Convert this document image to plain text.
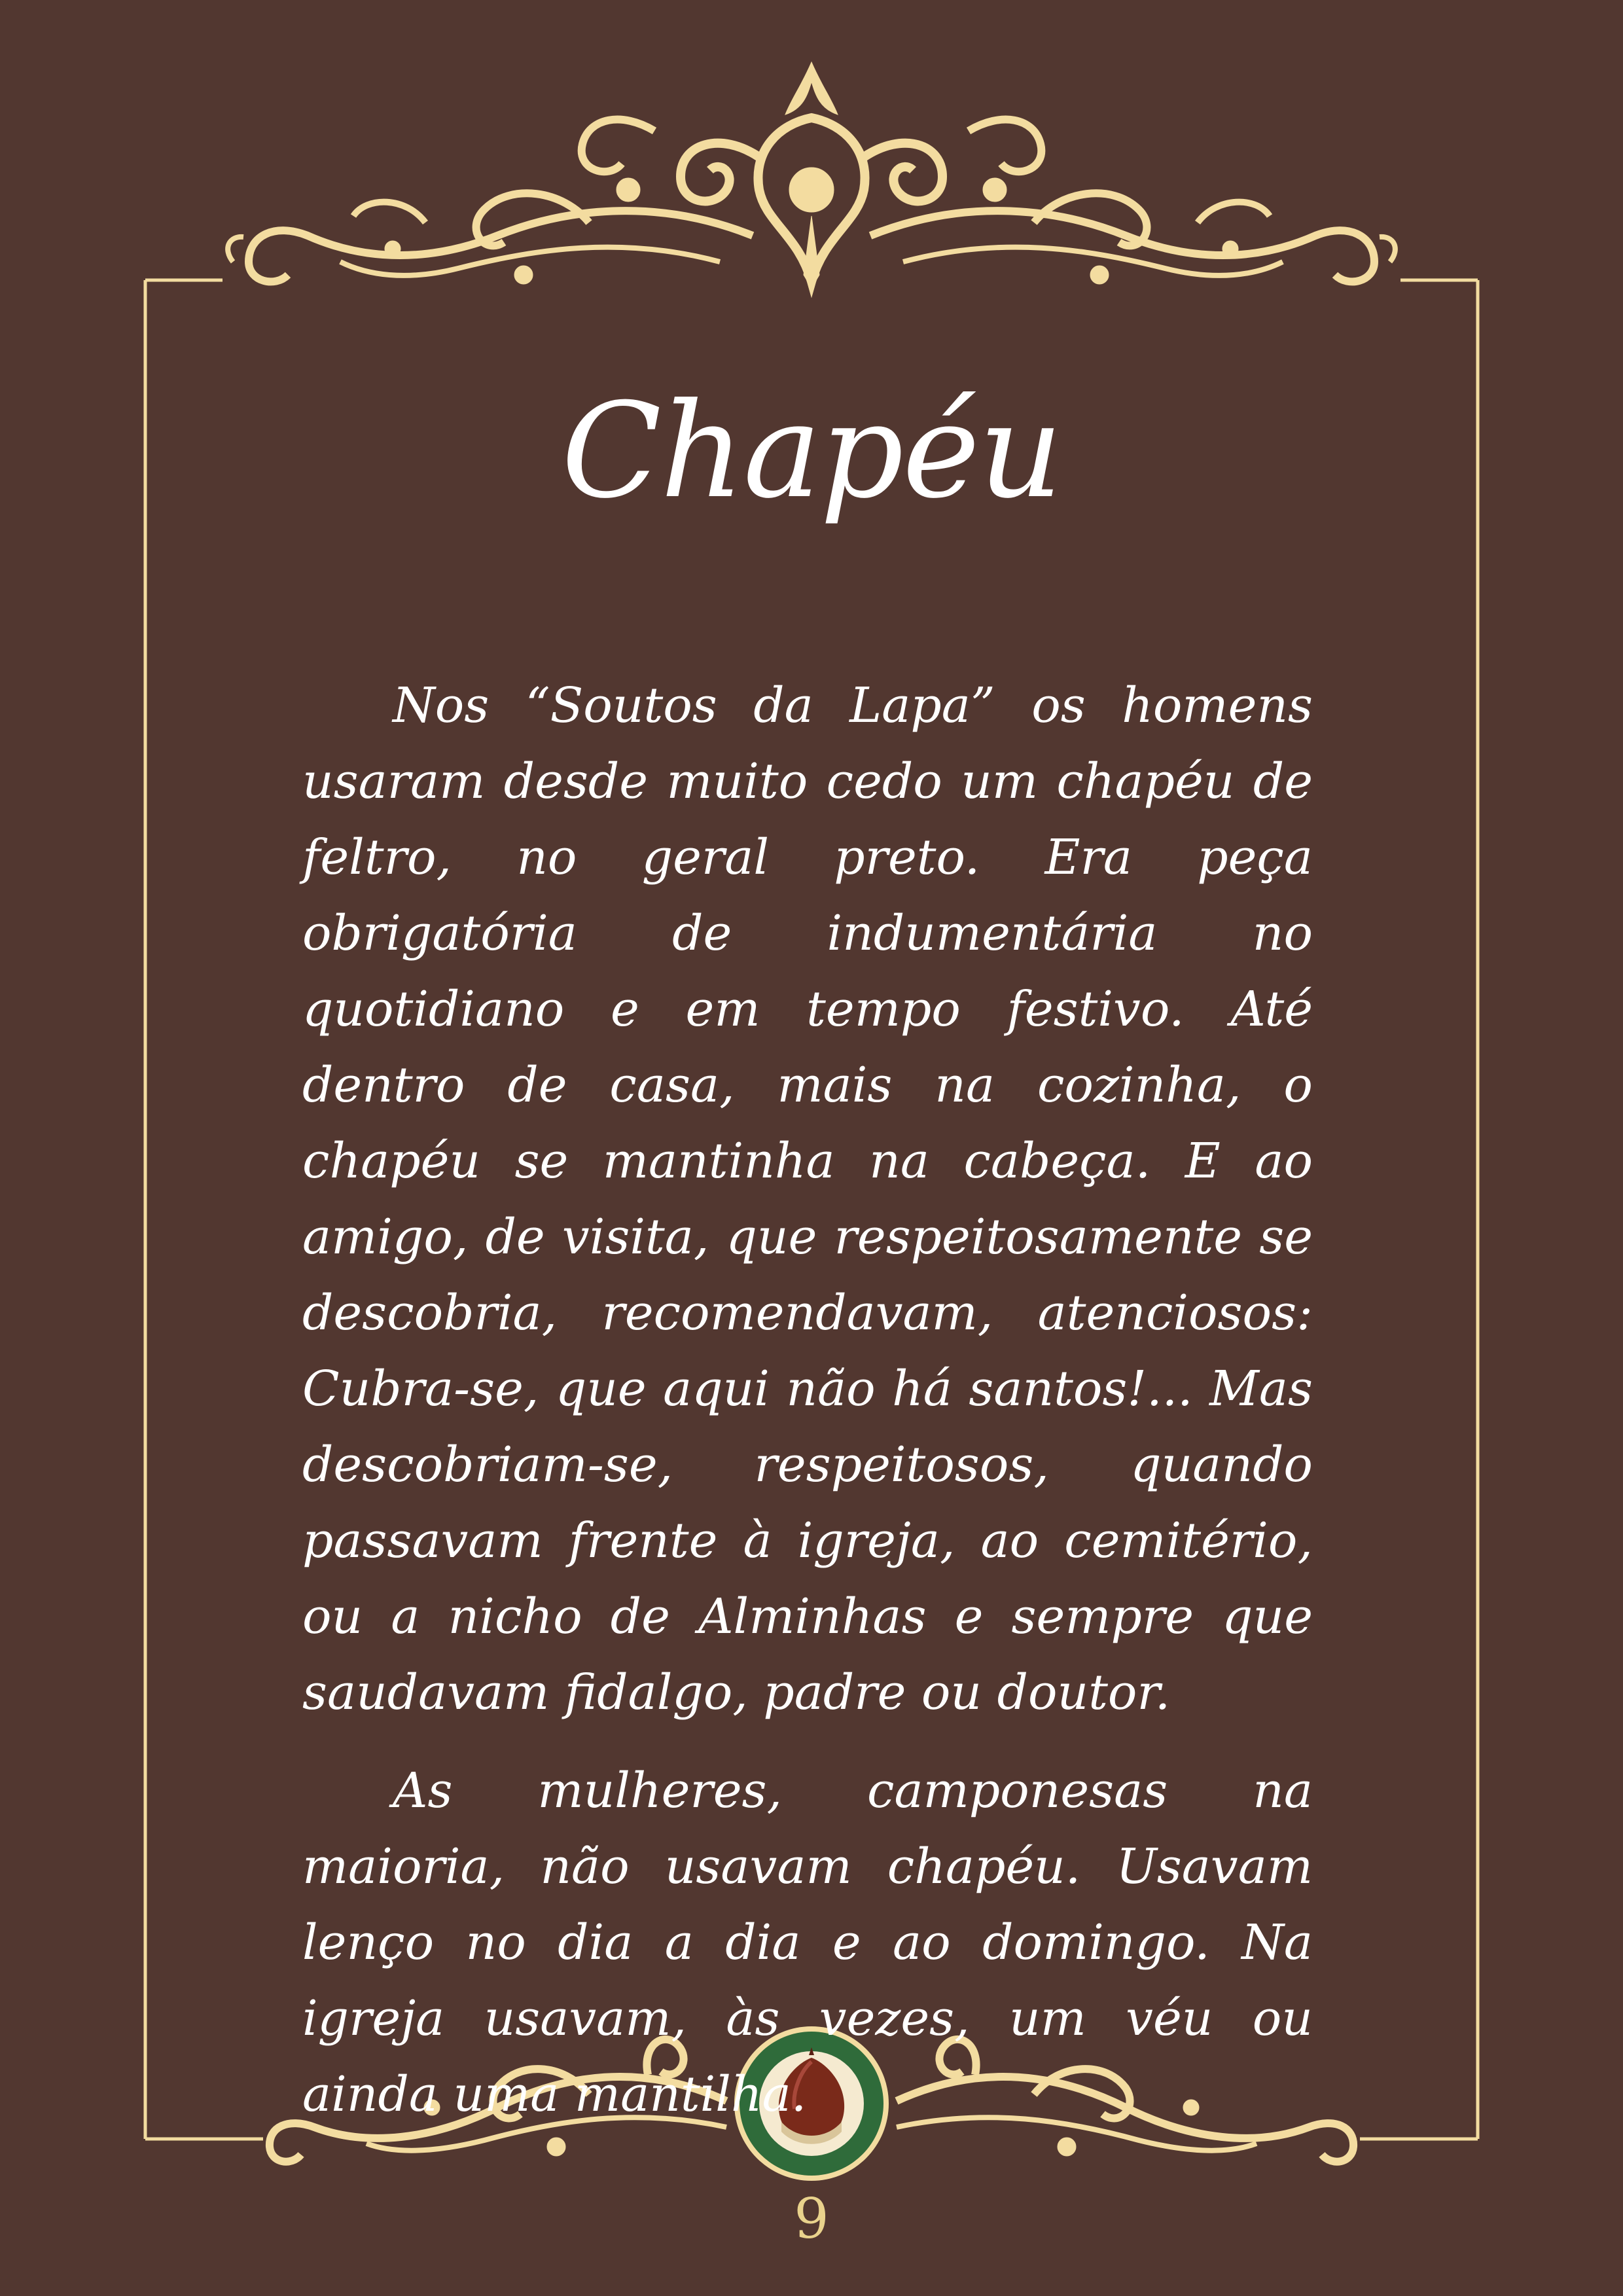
Chapéu

Nos “Soutos da Lapa” os homens usaram desde muito cedo um chapéu de feltro, no geral preto. Era peça obrigatória de indumentária no quotidiano e em tempo festivo. Até dentro de casa, mais na cozinha, o chapéu se mantinha na cabeça. E ao amigo, de visita, que respeitosamente se descobria, recomendavam, atenciosos: Cubra-se, que aqui não há santos!... Mas descobriam-se, respeitosos, quando passavam frente à igreja, ao cemitério, ou a nicho de Alminhas e sempre que saudavam fidalgo, padre ou doutor.

As mulheres, camponesas na maioria, não usavam chapéu. Usavam lenço no dia a dia e ao domingo. Na igreja usavam, às vezes, um véu ou ainda uma mantilha.

9
